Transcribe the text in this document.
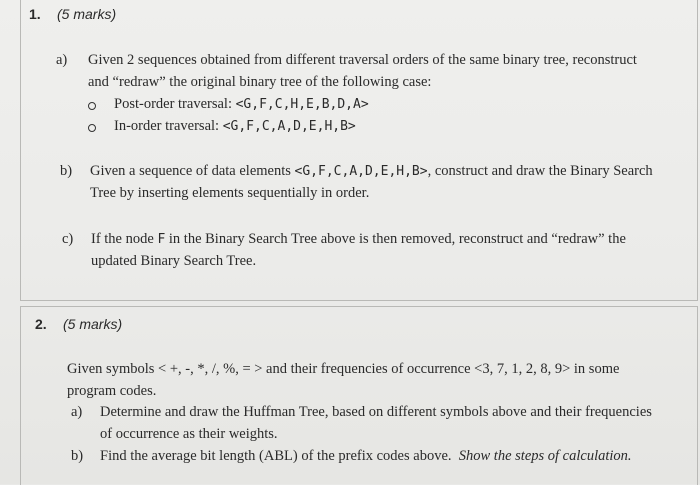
1. (5 marks)
a) Given 2 sequences obtained from different traversal orders of the same binary tree, reconstruct
and “redraw” the original binary tree of the following case:
Post-order traversal: <G,F,C,H,E,B,D,A>
In-order traversal: <G,F,C,A,D,E,H,B>
b) Given a sequence of data elements <G,F,C,A,D,E,H,B>, construct and draw the Binary Search
Tree by inserting elements sequentially in order.
c) If the node F in the Binary Search Tree above is then removed, reconstruct and “redraw” the
updated Binary Search Tree.
2. (5 marks)
Given symbols < +, -, *, /, %, = > and their frequencies of occurrence <3, 7, 1, 2, 8, 9> in some
program codes.
a) Determine and draw the Huffman Tree, based on different symbols above and their frequencies
of occurrence as their weights.
b) Find the average bit length (ABL) of the prefix codes above. Show the steps of calculation.
